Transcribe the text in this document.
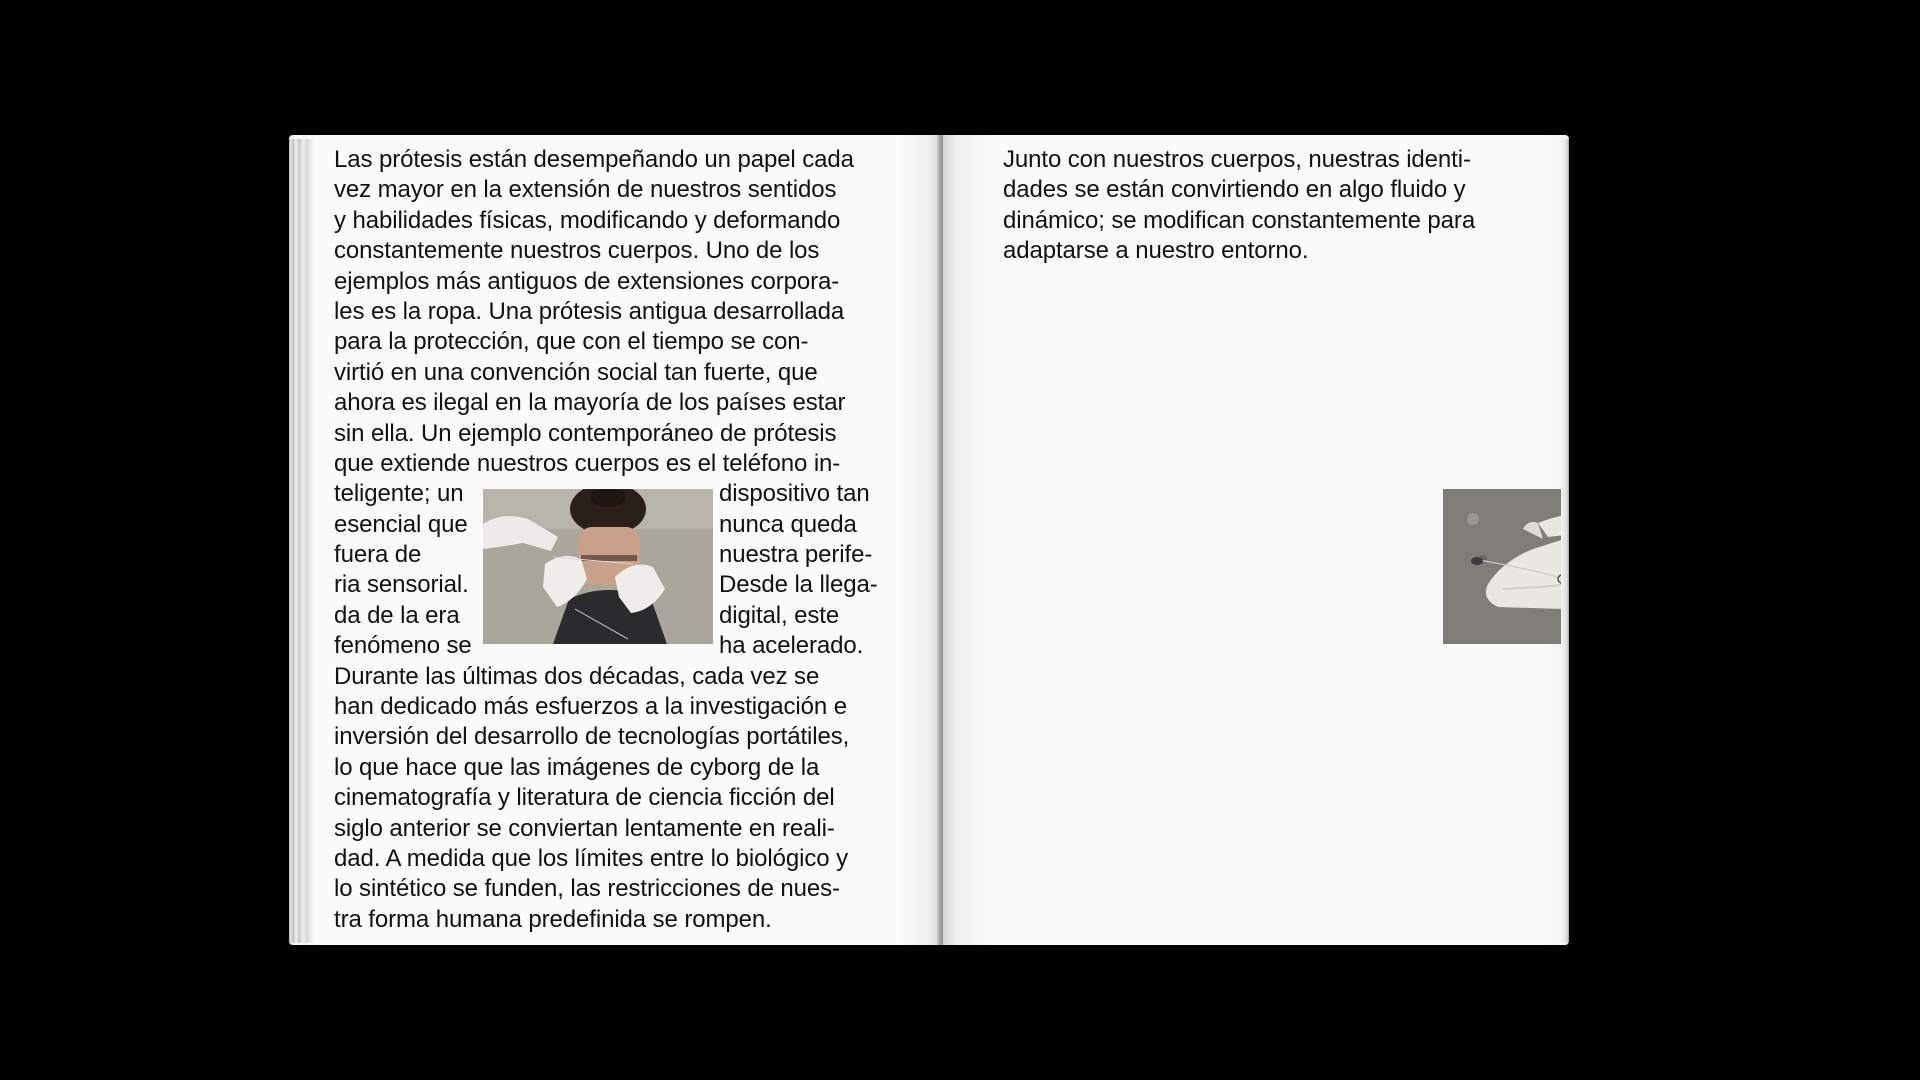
Las prótesis están desempeñando un papel cada
vez mayor en la extensión de nuestros sentidos
y habilidades físicas, modificando y deformando
constantemente nuestros cuerpos. Uno de los
ejemplos más antiguos de extensiones corpora-
les es la ropa. Una prótesis antigua desarrollada
para la protección, que con el tiempo se con-
virtió en una convención social tan fuerte, que
ahora es ilegal en la mayoría de los países estar
sin ella. Un ejemplo contemporáneo de prótesis
que extiende nuestros cuerpos es el teléfono in-
teligente; un	dispositivo tan
esencial que	nunca queda
fuera de	nuestra perife-
ria sensorial.	Desde la llega-
da de la era	digital, este
fenómeno se	ha acelerado.
Durante las últimas dos décadas, cada vez se
han dedicado más esfuerzos a la investigación e
inversión del desarrollo de tecnologías portátiles,
lo que hace que las imágenes de cyborg de la
cinematografía y literatura de ciencia ficción del
siglo anterior se conviertan lentamente en reali-
dad. A medida que los límites entre lo biológico y
lo sintético se funden, las restricciones de nues-
tra forma humana predefinida se rompen.
Junto con nuestros cuerpos, nuestras identi-
dades se están convirtiendo en algo fluido y
dinámico; se modifican constantemente para
adaptarse a nuestro entorno.
